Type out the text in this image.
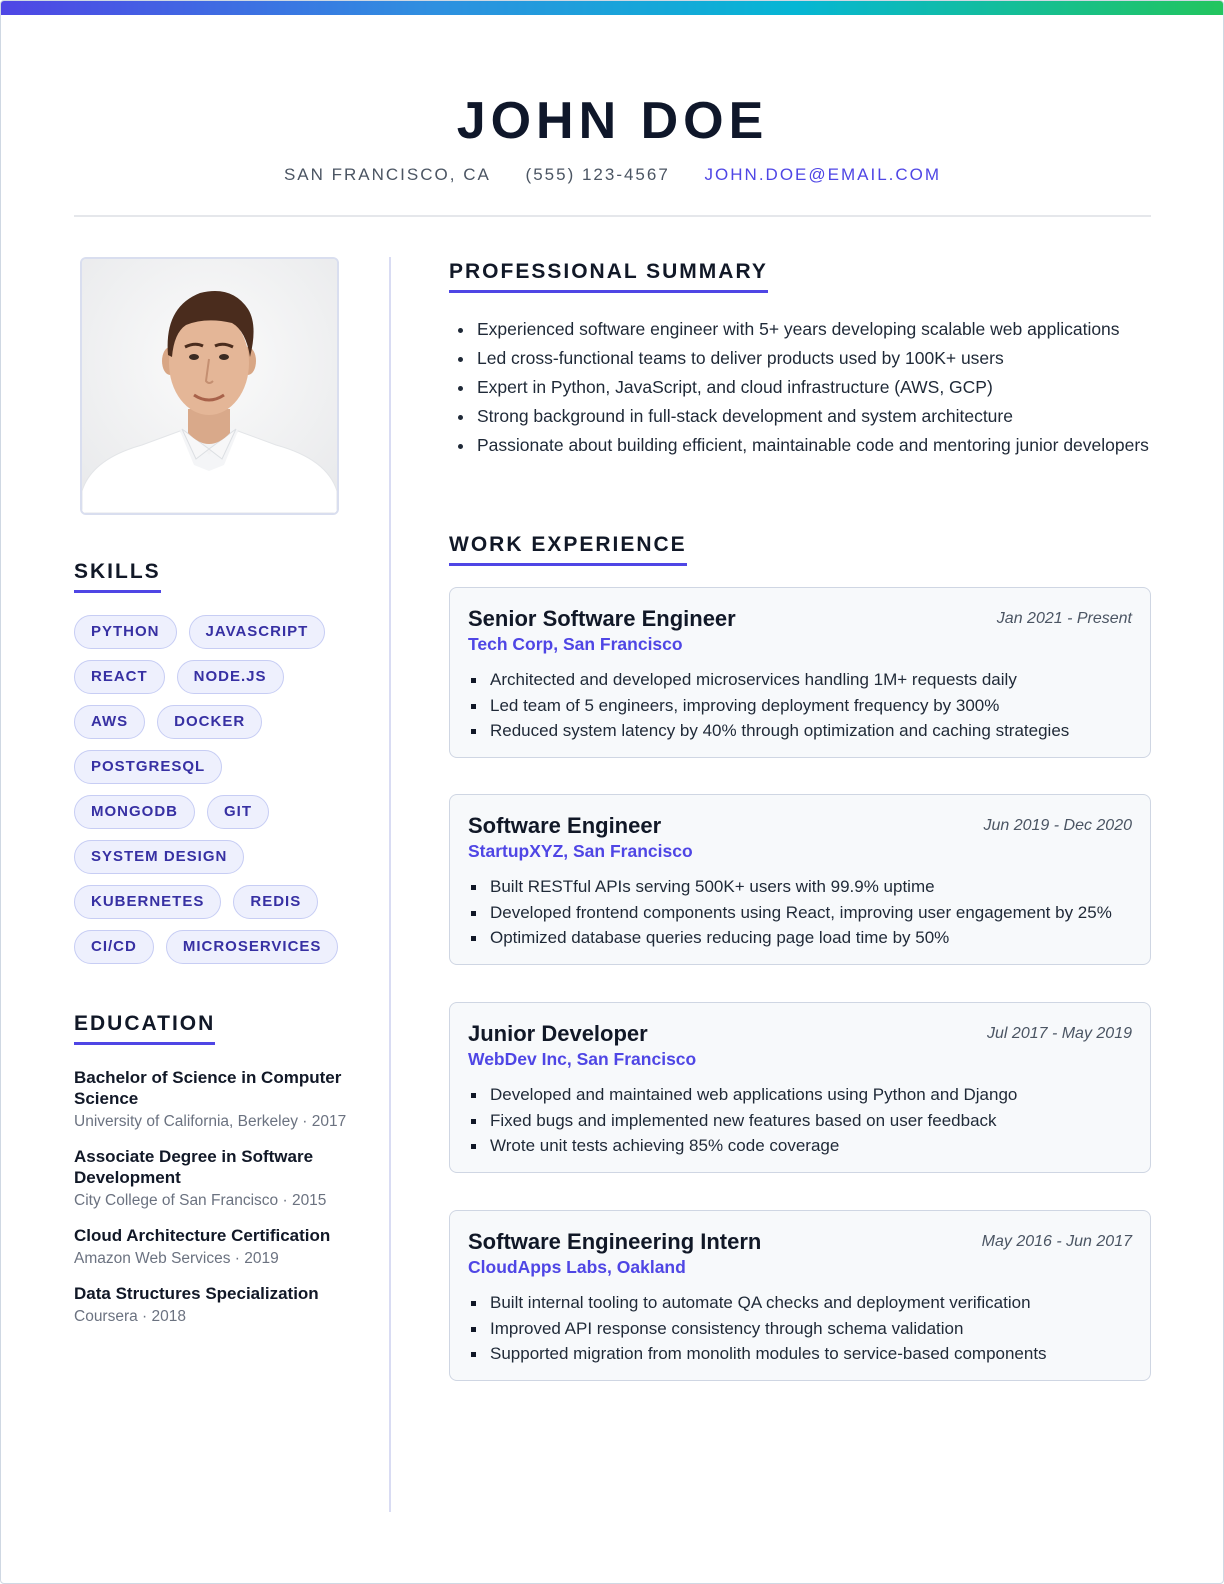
JOHN DOE
SAN FRANCISCO, CA (555) 123-4567 JOHN.DOE@EMAIL.COM
SKILLS
PYTHON	JAVASCRIPT
REACT	NODE.JS
AWS	DOCKER
POSTGRESQL
MONGODB	GIT
SYSTEM DESIGN
KUBERNETES	REDIS
CI/CD	MICROSERVICES
EDUCATION
Bachelor of Science in Computer Science
University of California, Berkeley · 2017
Associate Degree in Software Development
City College of San Francisco · 2015
Cloud Architecture Certification
Amazon Web Services · 2019
Data Structures Specialization
Coursera · 2018
PROFESSIONAL SUMMARY
• Experienced software engineer with 5+ years developing scalable web applications
• Led cross-functional teams to deliver products used by 100K+ users
• Expert in Python, JavaScript, and cloud infrastructure (AWS, GCP)
• Strong background in full-stack development and system architecture
• Passionate about building efficient, maintainable code and mentoring junior developers
WORK EXPERIENCE
Senior Software Engineer	Jan 2021 - Present
Tech Corp, San Francisco
Architected and developed microservices handling 1M+ requests daily
Led team of 5 engineers, improving deployment frequency by 300%
Reduced system latency by 40% through optimization and caching strategies
Software Engineer	Jun 2019 - Dec 2020
StartupXYZ, San Francisco
Built RESTful APIs serving 500K+ users with 99.9% uptime
Developed frontend components using React, improving user engagement by 25%
Optimized database queries reducing page load time by 50%
Junior Developer	Jul 2017 - May 2019
WebDev Inc, San Francisco
Developed and maintained web applications using Python and Django
Fixed bugs and implemented new features based on user feedback
Wrote unit tests achieving 85% code coverage
Software Engineering Intern	May 2016 - Jun 2017
CloudApps Labs, Oakland
Built internal tooling to automate QA checks and deployment verification
Improved API response consistency through schema validation
Supported migration from monolith modules to service-based components
